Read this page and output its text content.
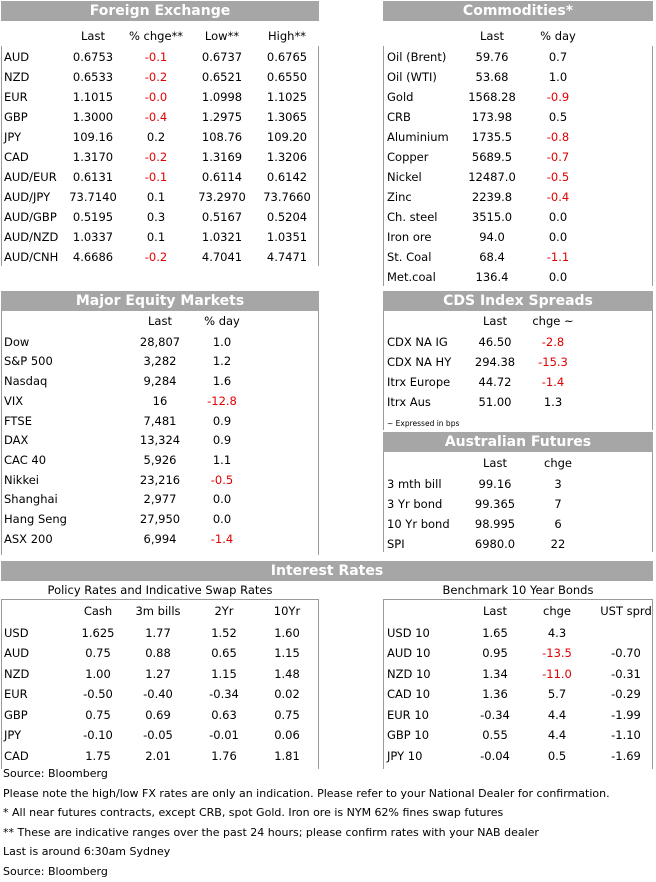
Foreign Exchange
Last	% chge**	Low**	High**
AUD	0.6753	-0.1	0.6737	0.6765
NZD	0.6533	-0.2	0.6521	0.6550
EUR	1.1015	-0.0	1.0998	1.1025
GBP	1.3000	-0.4	1.2975	1.3065
JPY	109.16	0.2	108.76	109.20
CAD	1.3170	-0.2	1.3169	1.3206
AUD/EUR	0.6131	-0.1	0.6114	0.6142
AUD/JPY	73.7140	0.1	73.2970	73.7660
AUD/GBP	0.5195	0.3	0.5167	0.5204
AUD/NZD	1.0337	0.1	1.0321	1.0351
AUD/CNH	4.6686	-0.2	4.7041	4.7471
Commodities*
Last	% day
Oil (Brent)	59.76	0.7
Oil (WTI)	53.68	1.0
Gold	1568.28	-0.9
CRB	173.98	0.5
Aluminium	1735.5	-0.8
Copper	5689.5	-0.7
Nickel	12487.0	-0.5
Zinc	2239.8	-0.4
Ch. steel	3515.0	0.0
Iron ore	94.0	0.0
St. Coal	68.4	-1.1
Met.coal	136.4	0.0
Major Equity Markets
Last	% day
Dow	28,807	1.0
S&P 500	3,282	1.2
Nasdaq	9,284	1.6
VIX	16	-12.8
FTSE	7,481	0.9
DAX	13,324	0.9
CAC 40	5,926	1.1
Nikkei	23,216	-0.5
Shanghai	2,977	0.0
Hang Seng	27,950	0.0
ASX 200	6,994	-1.4
CDS Index Spreads
Last	chge ~
CDX NA IG	46.50	-2.8
CDX NA HY	294.38	-15.3
Itrx Europe	44.72	-1.4
Itrx Aus	51.00	1.3
~ Expressed in bps
Australian Futures
Last	chge
3 mth bill	99.16	3
3 Yr bond	99.365	7
10 Yr bond	98.995	6
SPI	6980.0	22
Interest Rates
Policy Rates and Indicative Swap Rates	Benchmark 10 Year Bonds
Cash	3m bills	2Yr	10Yr
USD	1.625	1.77	1.52	1.60
AUD	0.75	0.88	0.65	1.15
NZD	1.00	1.27	1.15	1.48
EUR	-0.50	-0.40	-0.34	0.02
GBP	0.75	0.69	0.63	0.75
JPY	-0.10	-0.05	-0.01	0.06
CAD	1.75	2.01	1.76	1.81
Last	chge	UST sprd
USD 10	1.65	4.3
AUD 10	0.95	-13.5	-0.70
NZD 10	1.34	-11.0	-0.31
CAD 10	1.36	5.7	-0.29
EUR 10	-0.34	4.4	-1.99
GBP 10	0.55	4.4	-1.10
JPY 10	-0.04	0.5	-1.69
Source: Bloomberg
Please note the high/low FX rates are only an indication. Please refer to your National Dealer for confirmation.
* All near futures contracts, except CRB, spot Gold. Iron ore is NYM 62% fines swap futures
** These are indicative ranges over the past 24 hours; please confirm rates with your NAB dealer
Last is around 6:30am Sydney
Source: Bloomberg
